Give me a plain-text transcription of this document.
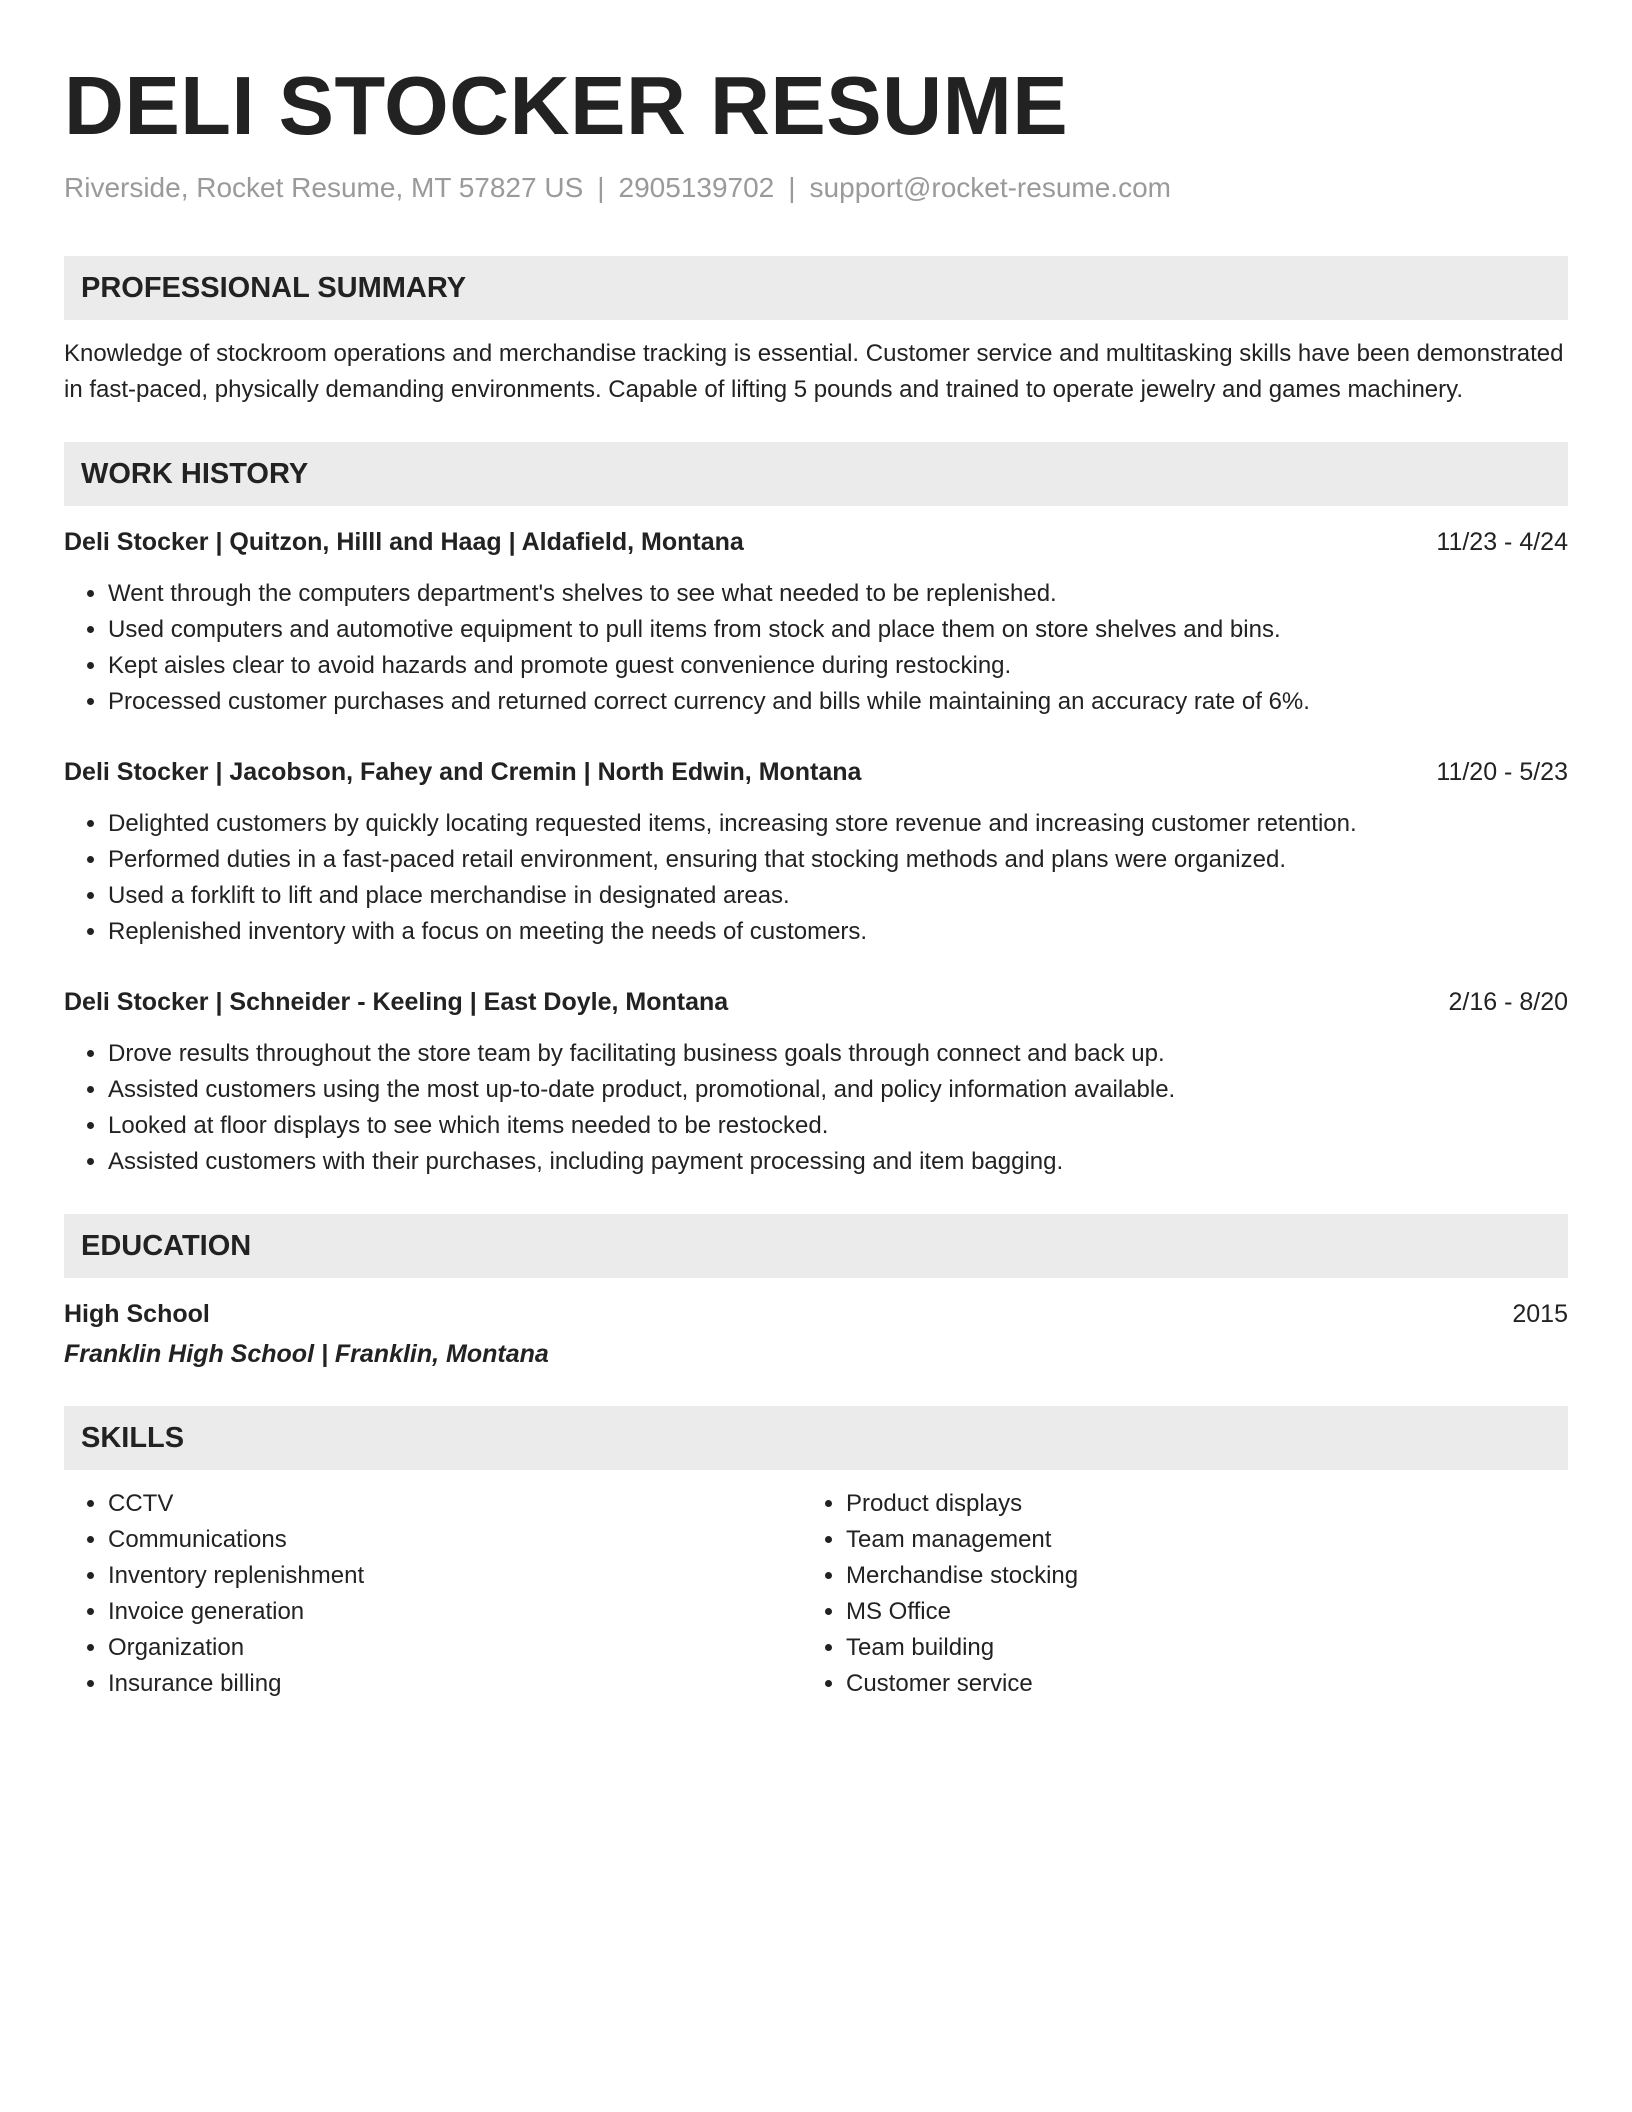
DELI STOCKER RESUME
Riverside, Rocket Resume, MT 57827 US | 2905139702 | support@rocket-resume.com
PROFESSIONAL SUMMARY

Knowledge of stockroom operations and merchandise tracking is essential. Customer service and multitasking skills have been demonstrated in fast-paced, physically demanding environments. Capable of lifting 5 pounds and trained to operate jewelry and games machinery.

WORK HISTORY
Deli Stocker | Quitzon, Hilll and Haag | Aldafield, Montana	11/23 - 4/24
• Went through the computers department's shelves to see what needed to be replenished.
• Used computers and automotive equipment to pull items from stock and place them on store shelves and bins.
• Kept aisles clear to avoid hazards and promote guest convenience during restocking.
• Processed customer purchases and returned correct currency and bills while maintaining an accuracy rate of 6%.
Deli Stocker | Jacobson, Fahey and Cremin | North Edwin, Montana	11/20 - 5/23
• Delighted customers by quickly locating requested items, increasing store revenue and increasing customer retention.
• Performed duties in a fast-paced retail environment, ensuring that stocking methods and plans were organized.
• Used a forklift to lift and place merchandise in designated areas.
• Replenished inventory with a focus on meeting the needs of customers.
Deli Stocker | Schneider - Keeling | East Doyle, Montana	2/16 - 8/20
• Drove results throughout the store team by facilitating business goals through connect and back up.
• Assisted customers using the most up-to-date product, promotional, and policy information available.
• Looked at floor displays to see which items needed to be restocked.
• Assisted customers with their purchases, including payment processing and item bagging.
EDUCATION
High School	2015
Franklin High School | Franklin, Montana
SKILLS
• CCTV
• Communications
• Inventory replenishment
• Invoice generation
• Organization
• Insurance billing
• Product displays
• Team management
• Merchandise stocking
• MS Office
• Team building
• Customer service
